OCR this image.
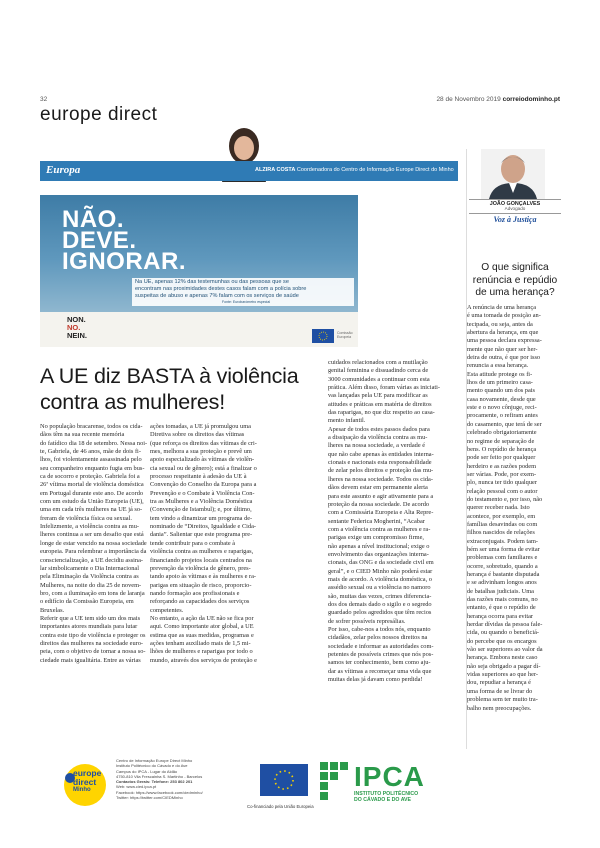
32	28 de Novembro 2019 correiodominho.pt
europe direct
Europa	ALZIRA COSTA Coordenadora do Centro de Informação Europe Direct do Minho
NÃO.
DEVE.
IGNORAR.
Na UE, apenas 12% das testemunhas ou das pessoas que se
encontram nas proximidades destes casos falam com a polícia sobre
suspeitas de abuso e apenas 7% falam com os serviços de saúde
Fonte: Eurobarómetro especial
NON.
NO.
NEIN.	Comissão
Europeia
A UE diz BASTA à violência
contra as mulheres!
No população bracarense, todos os cida-
dãos têm na sua recente memória
do fatídico dia 18 de setembro. Nessa noi-
te, Gabriela, de 46 anos, mãe de dois fi-
lhos, foi violentamente assassinada pelo
seu companheiro enquanto fugia em bus-
ca de socorro e proteção. Gabriela foi a
26ª vítima mortal de violência doméstica
em Portugal durante este ano. De acordo
com um estudo da União Europeia (UE),
uma em cada três mulheres na UE já so-
freram de violência física ou sexual.
Infelizmente, a violência contra as mu-
lheres continua a ser um desafio que está
longe de estar vencido na nossa sociedade
europeia. Para relembrar a importância da
consciencialização, a UE decidiu assina-
lar simbolicamente o Dia Internacional
pela Eliminação da Violência contra as
Mulheres, na noite do dia 25 de novem-
bro, com a iluminação em tons de laranja
o edifício da Comissão Europeia, em
Bruxelas.
Referir que a UE tem sido um dos mais
importantes atores mundiais para lutar
contra este tipo de violência e proteger os
direitos das mulheres na sociedade euro-
peia, com o objetivo de tornar a nossa so-
ciedade mais igualitária. Entre as várias
ações tomadas, a UE já promulgou uma
Diretiva sobre os direitos das vítimas
(que reforça os direitos das vítimas de cri-
mes, melhora a sua proteção e prevê um
apoio especializado às vítimas de violên-
cia sexual ou de gênero); está a finalizar o
processo respeitante à adesão da UE à
Convenção do Conselho da Europa para a
Prevenção e o Combate à Violência Con-
tra as Mulheres e a Violência Doméstica
(Convenção de Istambul); e, por último,
tem vindo a dinamizar um programa de-
nominado de “Direitos, Igualdade e Cida-
dania”. Salientar que este programa pre-
tende contribuir para o combate à
violência contra as mulheres e raparigas,
financiando projetos locais centrados na
prevenção da violência de gênero, pres-
tando apoio às vítimas e às mulheres e ra-
parigas em situação de risco, proporcio-
nando formação aos profissionais e
reforçando as capacidades dos serviços
competentes.
No entanto, a ação da UE não se fica por
aqui. Como importante ator global, a UE
estima que as suas medidas, programas e
ações tenham auxiliado mais de 1,5 mi-
lhões de mulheres e raparigas por todo o
mundo, através dos serviços de proteção e
cuidados relacionados com a mutilação
genital feminina e dissuadindo cerca de
3000 comunidades a continuar com esta
prática. Além disso, foram várias as iniciati-
vas lançadas pela UE para modificar as
atitudes e práticas em matéria de direitos
das raparigas, no que diz respeito ao casa-
mento infantil.
Apesar de todos estes passos dados para
a dissipação da violência contra as mu-
lheres na nossa sociedade, a verdade é
que não cabe apenas às entidades interna-
cionais e nacionais esta responsabilidade
de zelar pelos direitos e proteção das mu-
lheres na nossa sociedade. Todos os cida-
dãos devem estar em permanente alerta
para este assunto e agir ativamente para a
proteção da nossa sociedade. De acordo
com a Comissária Europeia e Alta Repre-
sentante Federica Mogherini, “Acabar
com a violência contra as mulheres e ra-
parigas exige um compromisso firme,
não apenas a nível institucional; exige o
envolvimento das organizações interna-
cionais, das ONG e da sociedade civil em
geral”, e o CIED Minho não poderá estar
mais de acordo. A violência doméstica, o
assédio sexual ou a violência no namoro
são, muitas das vezes, crimes diferencia-
dos dos demais dado o sigilo e o segredo
guardado pelos agredidos que têm recios
de sofrer possíveis represálias.
Por isso, cabe-nos a todos nós, enquanto
cidadãos, zelar pelos nossos direitos na
sociedade e informar as autoridades com-
petentes de possíveis crimes que nós pos-
samos ter conhecimento, bem como aju-
dar as vítimas a recomeçar uma vida que
muitas delas já davam como perdida!
JOÃO GONÇALVES
Advogado
Voz à Justiça
O que significa
renúncia e repúdio
de uma herança?
A renúncia de uma herança
é uma tomada de posição an-
tecipada, ou seja, antes da
abertura da herança, em que
uma pessoa declara expressa-
mente que não quer ser her-
deira de outra, é que por isso
renuncia a essa herança.
Esta atitude protege os fi-
lhos de um primeiro casa-
mento quando um dos pais
casa novamente, desde que
este e o novo cônjuge, reci-
procamente, o refiram antes
do casamento, que terá de ser
celebrado obrigatoriamente
no regime de separação de
bens. O repúdio de herança
pode ser feito por qualquer
herdeiro e as razões podem
ser várias. Pode, por exem-
plo, nunca ter tido qualquer
relação pessoal com o autor
do testamento e, por isso, não
querer receber nada. Isto
acontece, por exemplo, em
famílias desavindas ou com
filhos nascidos de relações
extraconjugais. Podem tam-
bém ser uma forma de evitar
problemas com familiares e
ocorre, sobretudo, quando a
herança é bastante disputada
e se adivinham longos anos
de batalhas judiciais. Uma
das razões mais comuns, no
entanto, é que o repúdio de
herança ocorra para evitar
herdar dívidas da pessoa fale-
cida, ou quando o beneficiá-
do percebe que os encargos
vão ser superiores ao valor da
herança. Embora neste caso
não seja obrigado a pagar dí-
vidas superiores ao que her-
dou, repudiar a herança é
uma forma de se livrar do
problema sem ter muito tra-
balho nem preocupações.
europe
direct
Minho
Centro de Informação Europe Direct Minho
Instituto Politécnico do Cávado e do Ave
Campus do IPCA - Lugar do Aldão
4750-810 Vila Frescainha S. Martinho - Barcelos
Contactos Gerais: Telefone: 253 802 201
Web: www.cied.ipca.pt
Facebook: https://www.facebook.com/ciedminho/
Twitter: https://twitter.com/CIEDMinho
Co-financiado pela União Europeia
IPCA
INSTITUTO POLITÉCNICO
DO CÁVADO E DO AVE
